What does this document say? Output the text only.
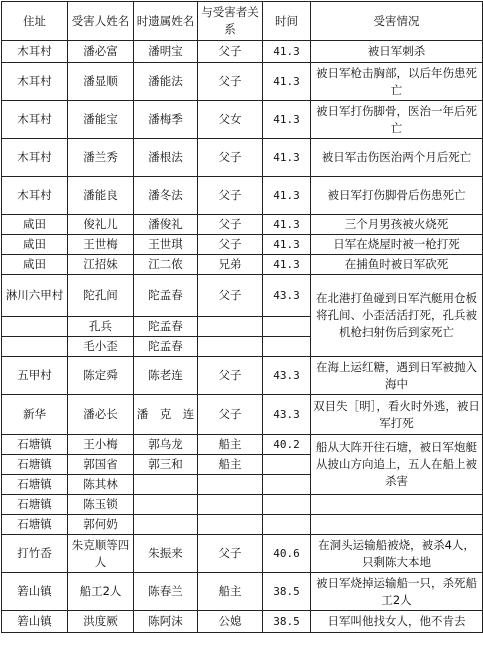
住址	受害人姓名	时遗属姓名	与受害者关系	时间	受害情况
木耳村	潘必富	潘明宝	父子	41.3	被日军刺杀
木耳村	潘显顺	潘能法	父子	41.3	被日军枪击胸部，以后年伤患死亡
木耳村	潘能宝	潘梅季	父女	41.3	被日军打伤脚骨，医治一年后死亡
木耳村	潘兰秀	潘根法	父子	41.3	被日军击伤医治两个月后死亡
木耳村	潘能良	潘冬法	父子	41.3	被日军打伤脚骨后伤患死亡
咸田	俊礼儿	潘俊礼	父子	41.3	三个月男孩被火烧死
咸田	王世梅	王世琪	父子	41.3	日军在烧屋时被一枪打死
咸田	江招妹	江二侬	兄弟	41.3	在捕鱼时被日军砍死
淋川六甲村	陀孔间	陀孟春	父子	43.3	在北港打鱼碰到日军汽艇用仓板将孔间、小歪活活打死，孔兵被机枪扫射伤后到家死亡
	孔兵	陀孟春			
	毛小歪	陀孟春			
五甲村	陈定舜	陈老连	父子	43.3	在海上运红糖，遇到日军被抛入海中
新华	潘必长	潘　克　连	父子	43.3	双目失［明］，看火时外逃，被日军打死
石塘镇	王小梅	郭乌龙	船主	40.2	船从大阵开往石塘，被日军炮艇从披山方向追上，五人在船上被杀害
石塘镇	郭国省	郭三和	船主		
石塘镇	陈其林				
石塘镇	陈玉锁				
石塘镇	郭何奶				
打竹岙	朱克顺等四人	朱振来	父子	40.6	在洞头运输船被烧，被杀4人，只剩陈大本地
箬山镇	船工2人	陈春兰	船主	38.5	被日军烧掉运输船一只，杀死船工2人
箬山镇	洪度厥	陈阿沫	公媳	38.5	日军叫他找女人，他不肯去
